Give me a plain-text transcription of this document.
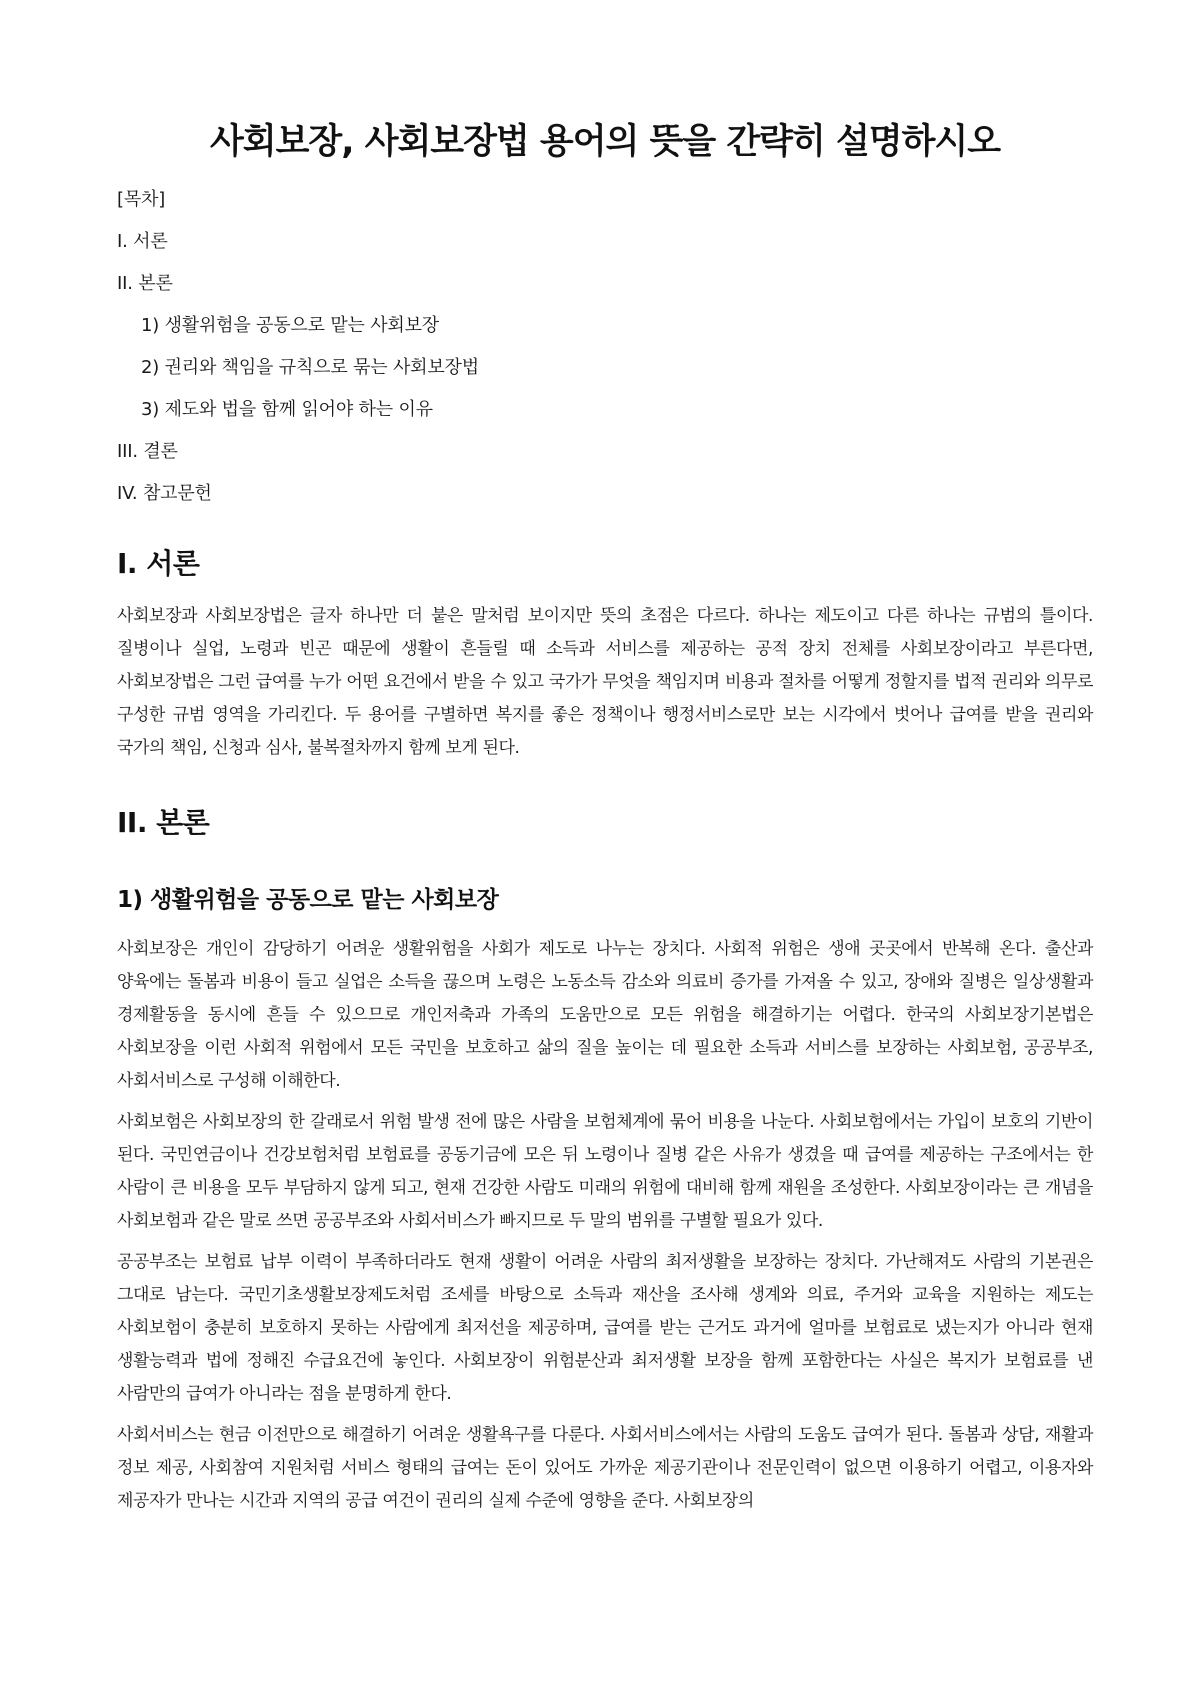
사회보장, 사회보장법 용어의 뜻을 간략히 설명하시오
[목차]
I. 서론
II. 본론
1) 생활위험을 공동으로 맡는 사회보장
2) 권리와 책임을 규칙으로 묶는 사회보장법
3) 제도와 법을 함께 읽어야 하는 이유
III. 결론
IV. 참고문헌
I. 서론

사회보장과 사회보장법은 글자 하나만 더 붙은 말처럼 보이지만 뜻의 초점은 다르다. 하나는 제도이고 다른 하나는 규범의 틀이다. 질병이나 실업, 노령과 빈곤 때문에 생활이 흔들릴 때 소득과 서비스를 제공하는 공적 장치 전체를 사회보장이라고 부른다면, 사회보장법은 그런 급여를 누가 어떤 요건에서 받을 수 있고 국가가 무엇을 책임지며 비용과 절차를 어떻게 정할지를 법적 권리와 의무로 구성한 규범 영역을 가리킨다. 두 용어를 구별하면 복지를 좋은 정책이나 행정서비스로만 보는 시각에서 벗어나 급여를 받을 권리와 국가의 책임, 신청과 심사, 불복절차까지 함께 보게 된다.

II. 본론
1) 생활위험을 공동으로 맡는 사회보장

사회보장은 개인이 감당하기 어려운 생활위험을 사회가 제도로 나누는 장치다. 사회적 위험은 생애 곳곳에서 반복해 온다. 출산과 양육에는 돌봄과 비용이 들고 실업은 소득을 끊으며 노령은 노동소득 감소와 의료비 증가를 가져올 수 있고, 장애와 질병은 일상생활과 경제활동을 동시에 흔들 수 있으므로 개인저축과 가족의 도움만으로 모든 위험을 해결하기는 어렵다. 한국의 사회보장기본법은 사회보장을 이런 사회적 위험에서 모든 국민을 보호하고 삶의 질을 높이는 데 필요한 소득과 서비스를 보장하는 사회보험, 공공부조, 사회서비스로 구성해 이해한다.

사회보험은 사회보장의 한 갈래로서 위험 발생 전에 많은 사람을 보험체계에 묶어 비용을 나눈다. 사회보험에서는 가입이 보호의 기반이 된다. 국민연금이나 건강보험처럼 보험료를 공동기금에 모은 뒤 노령이나 질병 같은 사유가 생겼을 때 급여를 제공하는 구조에서는 한 사람이 큰 비용을 모두 부담하지 않게 되고, 현재 건강한 사람도 미래의 위험에 대비해 함께 재원을 조성한다. 사회보장이라는 큰 개념을 사회보험과 같은 말로 쓰면 공공부조와 사회서비스가 빠지므로 두 말의 범위를 구별할 필요가 있다.

공공부조는 보험료 납부 이력이 부족하더라도 현재 생활이 어려운 사람의 최저생활을 보장하는 장치다. 가난해져도 사람의 기본권은 그대로 남는다. 국민기초생활보장제도처럼 조세를 바탕으로 소득과 재산을 조사해 생계와 의료, 주거와 교육을 지원하는 제도는 사회보험이 충분히 보호하지 못하는 사람에게 최저선을 제공하며, 급여를 받는 근거도 과거에 얼마를 보험료로 냈는지가 아니라 현재 생활능력과 법에 정해진 수급요건에 놓인다. 사회보장이 위험분산과 최저생활 보장을 함께 포함한다는 사실은 복지가 보험료를 낸 사람만의 급여가 아니라는 점을 분명하게 한다.

사회서비스는 현금 이전만으로 해결하기 어려운 생활욕구를 다룬다. 사회서비스에서는 사람의 도움도 급여가 된다. 돌봄과 상담, 재활과 정보 제공, 사회참여 지원처럼 서비스 형태의 급여는 돈이 있어도 가까운 제공기관이나 전문인력이 없으면 이용하기 어렵고, 이용자와 제공자가 만나는 시간과 지역의 공급 여건이 권리의 실제 수준에 영향을 준다. 사회보장의
